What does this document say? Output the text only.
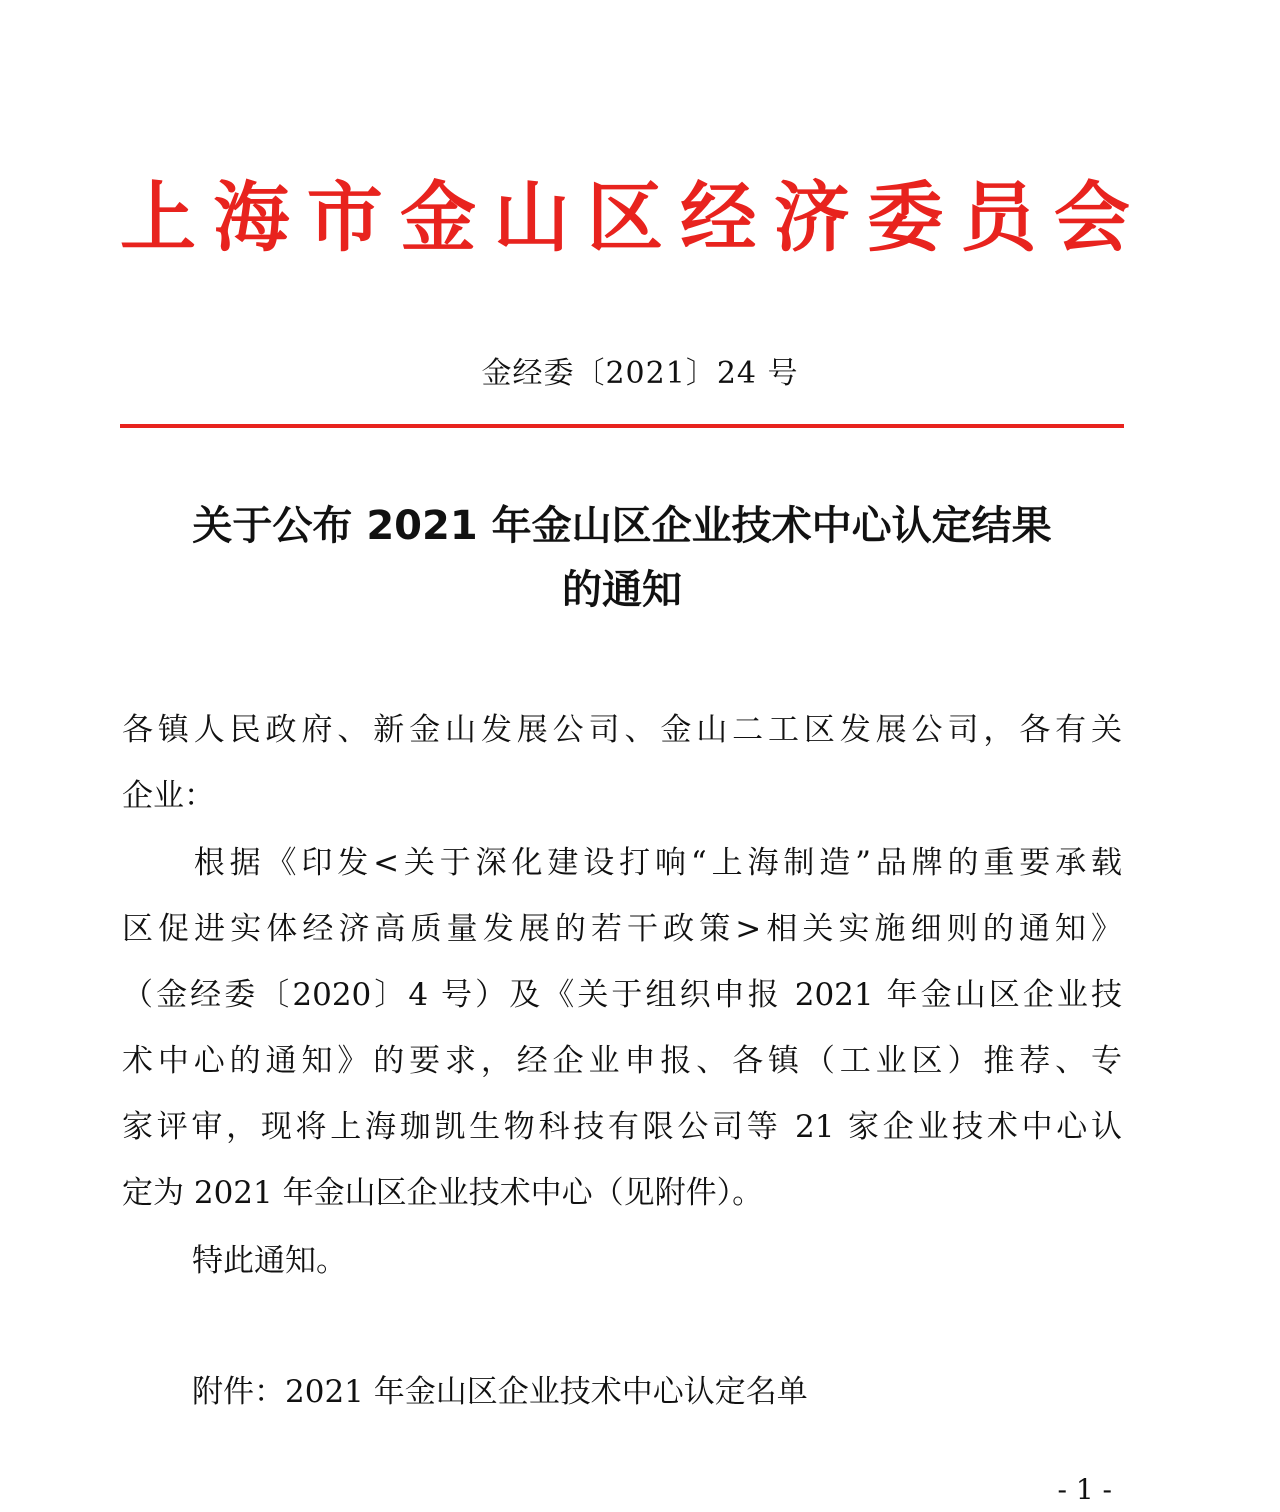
上 海 市 金 山 区 经 济 委 员 会
金经委〔2021〕24 号
关于公布 2021 年金山区企业技术中心认定结果
的通知
各镇人民政府、新金山发展公司、金山二工区发展公司，各有关
企业：
　　根据《印发<关于深化建设打响“上海制造”品牌的重要承载
区促进实体经济高质量发展的若干政策>相关实施细则的通知》
（金经委〔2020〕4 号）及《关于组织申报 2021 年金山区企业技
术中心的通知》的要求，经企业申报、各镇（工业区）推荐、专
家评审，现将上海珈凯生物科技有限公司等 21 家企业技术中心认
定为 2021 年金山区企业技术中心（见附件）。
特此通知。
附件：2021 年金山区企业技术中心认定名单
- 1 -
